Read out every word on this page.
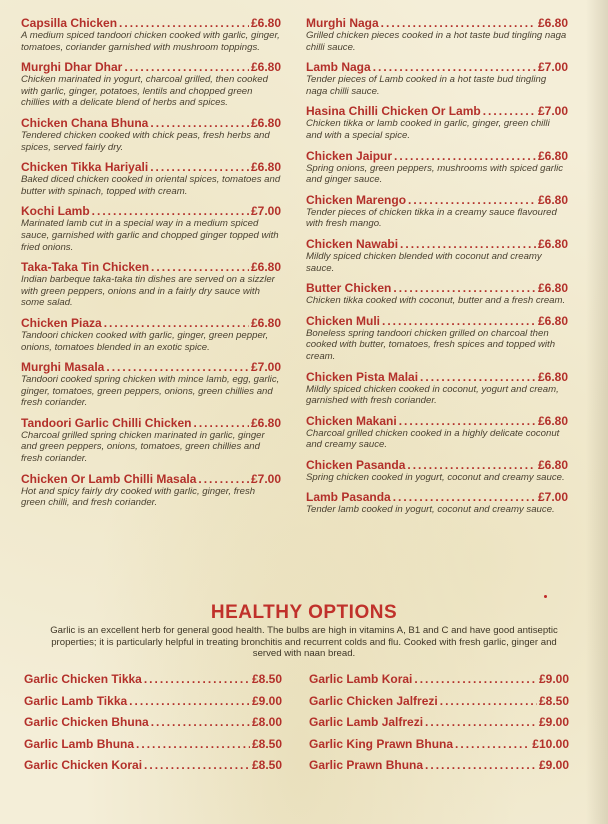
Capsilla Chicken .....	£6.80
A medium spiced tandoori chicken cooked with garlic, ginger, tomatoes, coriander garnished with mushroom toppings.
Murghi Dhar Dhar .....	£6.80
Chicken marinated in yogurt, charcoal grilled, then cooked with garlic, ginger, potatoes, lentils and chopped green chillies with a delicate blend of herbs and spices.
Chicken Chana Bhuna .....	£6.80
Tendered chicken cooked with chick peas, fresh herbs and spices, served fairly dry.
Chicken Tikka Hariyali .....	£6.80
Baked diced chicken cooked in oriental spices, tomatoes and butter with spinach, topped with cream.
Kochi Lamb .....	£7.00
Marinated lamb cut in a special way in a medium spiced sauce, garnished with garlic and chopped ginger topped with fried onions.
Taka-Taka Tin Chicken .....	£6.80
Indian barbeque taka-taka tin dishes are served on a sizzler with green peppers, onions and in a fairly dry sauce with some salad.
Chicken Piaza .....	£6.80
Tandoori chicken cooked with garlic, ginger, green pepper, onions, tomatoes blended in an exotic spice.
Murghi Masala .....	£7.00
Tandoori cooked spring chicken with mince lamb, egg, garlic, ginger, tomatoes, green peppers, onions, green chillies and fresh coriander.
Tandoori Garlic Chilli Chicken .....	£6.80
Charcoal grilled spring chicken marinated in garlic, ginger and green peppers, onions, tomatoes, green chillies and fresh coriander.
Chicken Or Lamb Chilli Masala .....	£7.00
Hot and spicy fairly dry cooked with garlic, ginger, fresh green chilli, and fresh coriander.
Murghi Naga .....	£6.80
Grilled chicken pieces cooked in a hot taste bud tingling naga chilli sauce.
Lamb Naga .....	£7.00
Tender pieces of Lamb cooked in a hot taste bud tingling naga chilli sauce.
Hasina Chilli Chicken Or Lamb .....	£7.00
Chicken tikka or lamb cooked in garlic, ginger, green chilli and with a special spice.
Chicken Jaipur .....	£6.80
Spring onions, green peppers, mushrooms with spiced garlic and ginger sauce.
Chicken Marengo .....	£6.80
Tender pieces of chicken tikka in a creamy sauce flavoured with fresh mango.
Chicken Nawabi .....	£6.80
Mildly spiced chicken blended with coconut and creamy sauce.
Butter Chicken .....	£6.80
Chicken tikka cooked with coconut, butter and a fresh cream.
Chicken Muli .....	£6.80
Boneless spring tandoori chicken grilled on charcoal then cooked with butter, tomatoes, fresh spices and topped with cream.
Chicken Pista Malai .....	£6.80
Mildly spiced chicken cooked in coconut, yogurt and cream, garnished with fresh coriander.
Chicken Makani .....	£6.80
Charcoal grilled chicken cooked in a highly delicate coconut and creamy sauce.
Chicken Pasanda .....	£6.80
Spring chicken cooked in yogurt, coconut and creamy sauce.
Lamb Pasanda .....	£7.00
Tender lamb cooked in yogurt, coconut and creamy sauce.
HEALTHY OPTIONS
Garlic is an excellent herb for general good health. The bulbs are high in vitamins A, B1 and C and have good antiseptic properties; it is particularly helpful in treating bronchitis and recurrent colds and flu. Cooked with fresh garlic, ginger and served with naan bread.
Garlic Chicken Tikka .....	£8.50
Garlic Lamb Tikka .....	£9.00
Garlic Chicken Bhuna .....	£8.00
Garlic Lamb Bhuna .....	£8.50
Garlic Chicken Korai .....	£8.50
Garlic Lamb Korai .....	£9.00
Garlic Chicken Jalfrezi .....	£8.50
Garlic Lamb Jalfrezi .....	£9.00
Garlic King Prawn Bhuna .....	£10.00
Garlic Prawn Bhuna .....	£9.00
